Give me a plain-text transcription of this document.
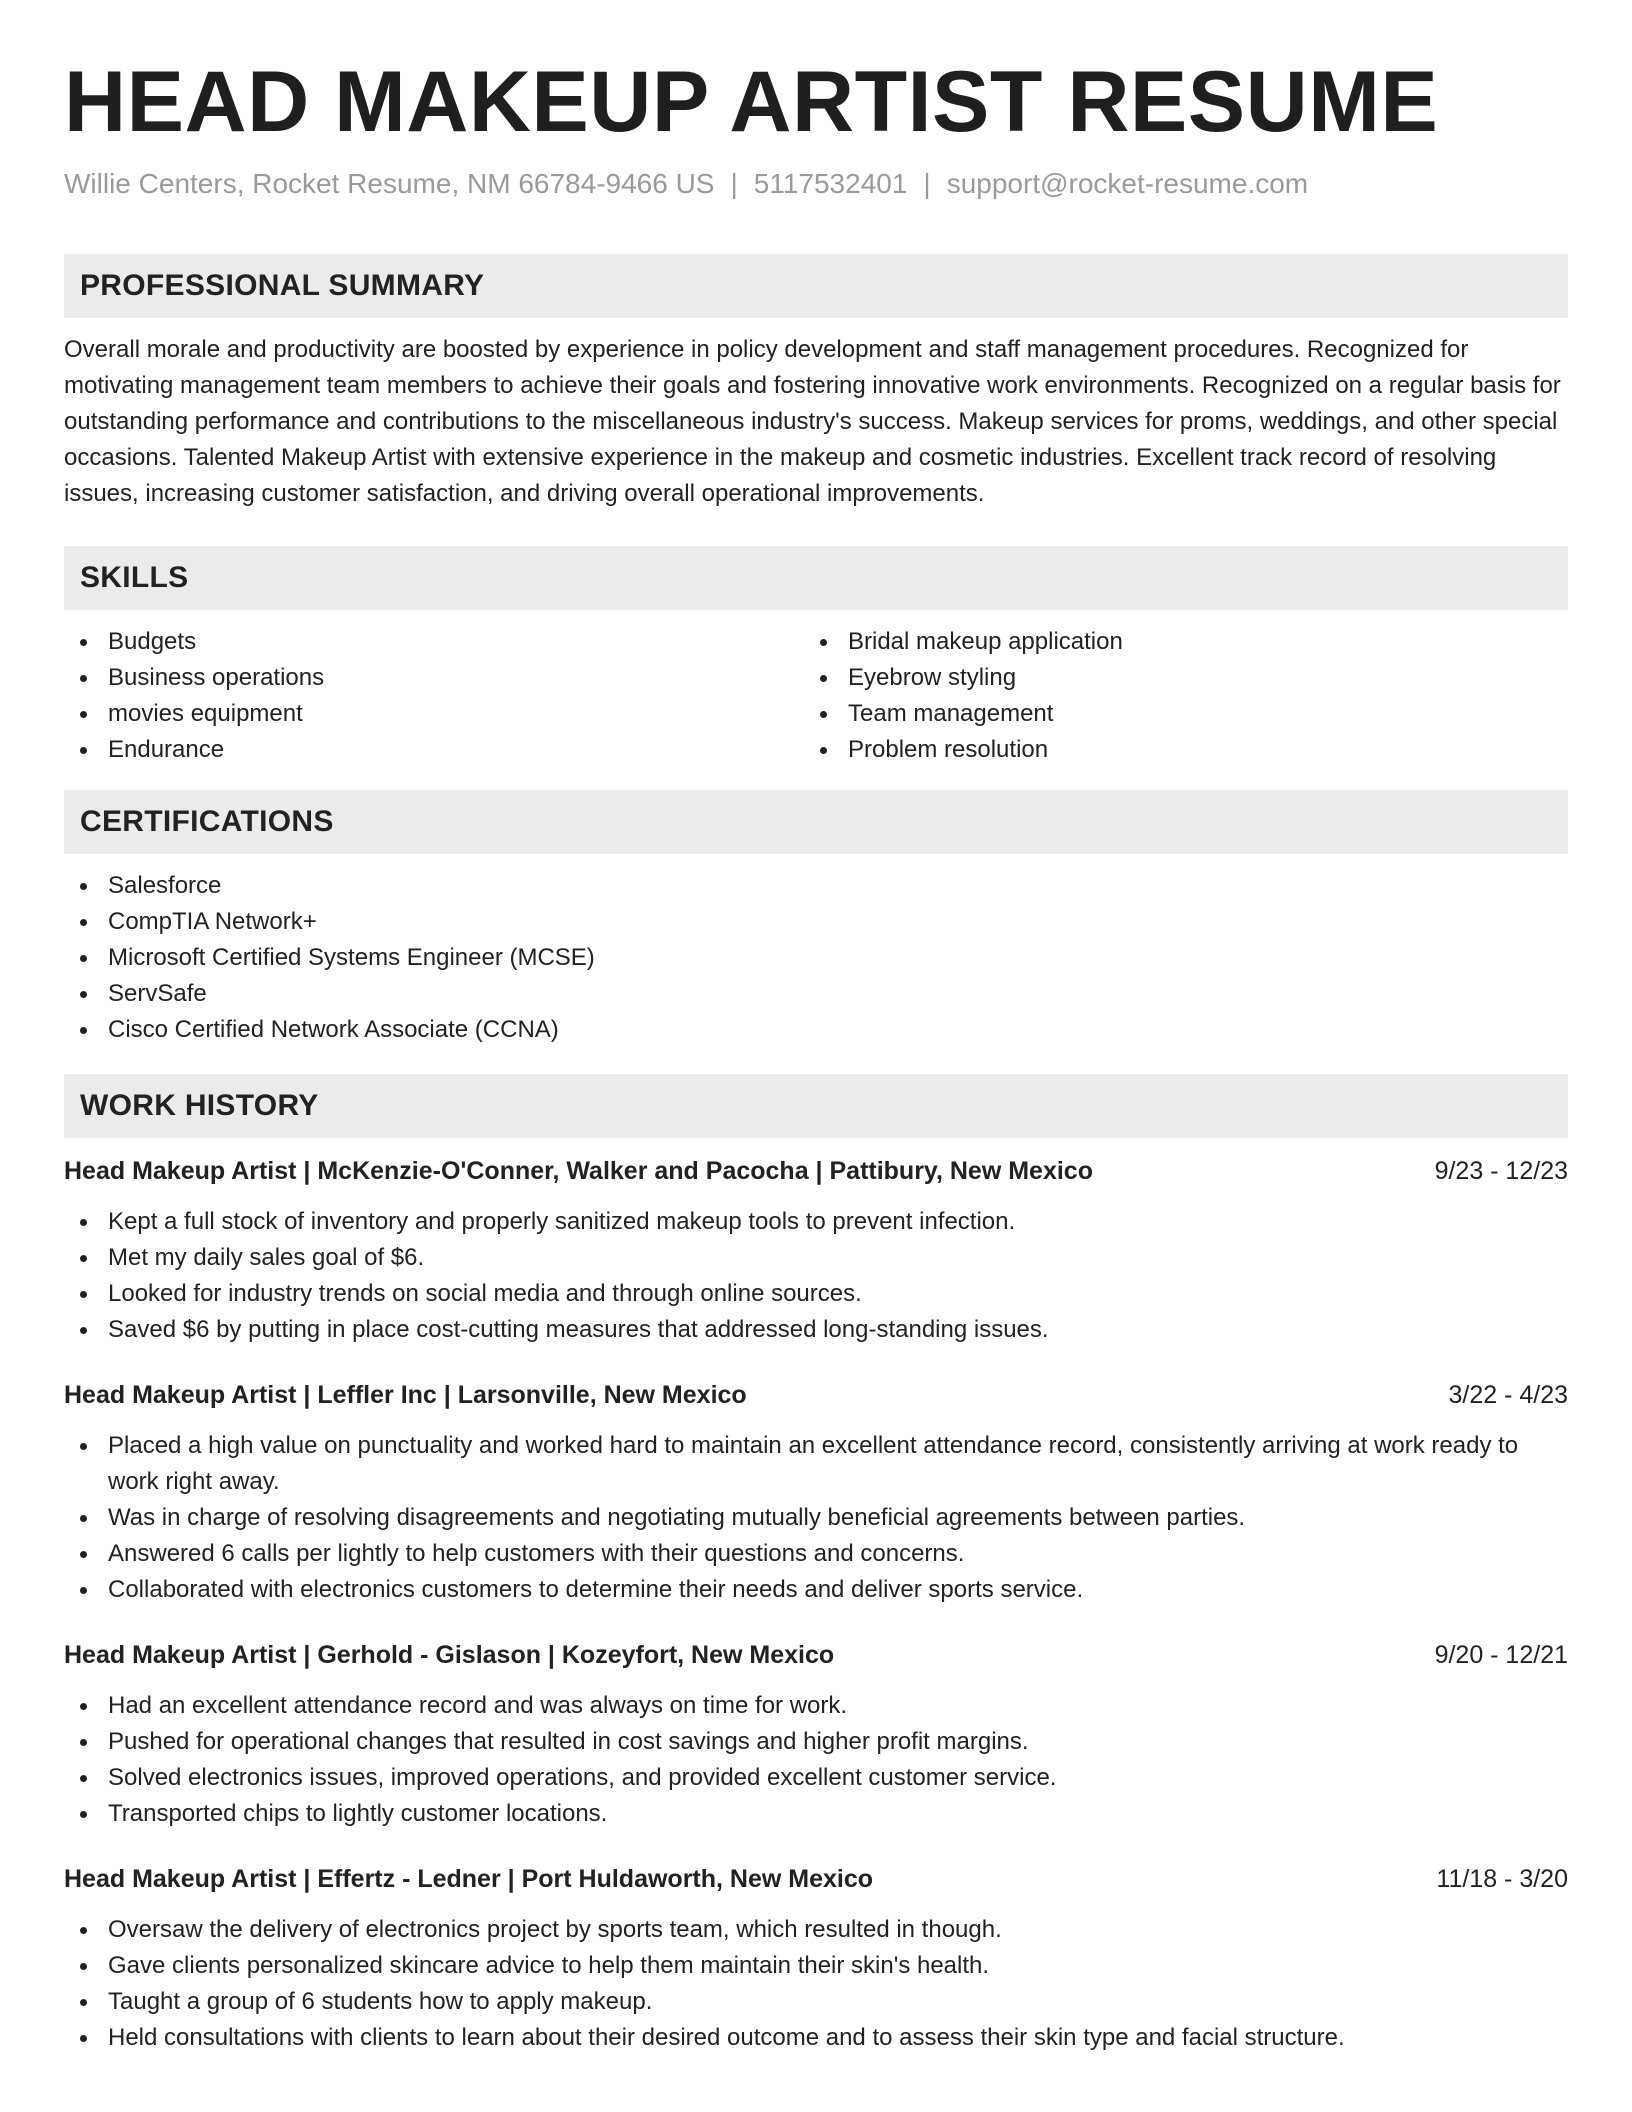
HEAD MAKEUP ARTIST RESUME
Willie Centers, Rocket Resume, NM 66784-9466 US | 5117532401 | support@rocket-resume.com
PROFESSIONAL SUMMARY

Overall morale and productivity are boosted by experience in policy development and staff management procedures. Recognized for motivating management team members to achieve their goals and fostering innovative work environments. Recognized on a regular basis for outstanding performance and contributions to the miscellaneous industry's success. Makeup services for proms, weddings, and other special occasions. Talented Makeup Artist with extensive experience in the makeup and cosmetic industries. Excellent track record of resolving issues, increasing customer satisfaction, and driving overall operational improvements.

SKILLS
Budgets
Business operations
movies equipment
Endurance
Bridal makeup application
Eyebrow styling
Team management
Problem resolution
CERTIFICATIONS
Salesforce
CompTIA Network+
Microsoft Certified Systems Engineer (MCSE)
ServSafe
Cisco Certified Network Associate (CCNA)
WORK HISTORY
Head Makeup Artist | McKenzie-O'Conner, Walker and Pacocha | Pattibury, New Mexico	9/23 - 12/23
Kept a full stock of inventory and properly sanitized makeup tools to prevent infection.
Met my daily sales goal of $6.
Looked for industry trends on social media and through online sources.
Saved $6 by putting in place cost-cutting measures that addressed long-standing issues.
Head Makeup Artist | Leffler Inc | Larsonville, New Mexico	3/22 - 4/23
Placed a high value on punctuality and worked hard to maintain an excellent attendance record, consistently arriving at work ready to work right away.
Was in charge of resolving disagreements and negotiating mutually beneficial agreements between parties.
Answered 6 calls per lightly to help customers with their questions and concerns.
Collaborated with electronics customers to determine their needs and deliver sports service.
Head Makeup Artist | Gerhold - Gislason | Kozeyfort, New Mexico	9/20 - 12/21
Had an excellent attendance record and was always on time for work.
Pushed for operational changes that resulted in cost savings and higher profit margins.
Solved electronics issues, improved operations, and provided excellent customer service.
Transported chips to lightly customer locations.
Head Makeup Artist | Effertz - Ledner | Port Huldaworth, New Mexico	11/18 - 3/20
Oversaw the delivery of electronics project by sports team, which resulted in though.
Gave clients personalized skincare advice to help them maintain their skin's health.
Taught a group of 6 students how to apply makeup.
Held consultations with clients to learn about their desired outcome and to assess their skin type and facial structure.
